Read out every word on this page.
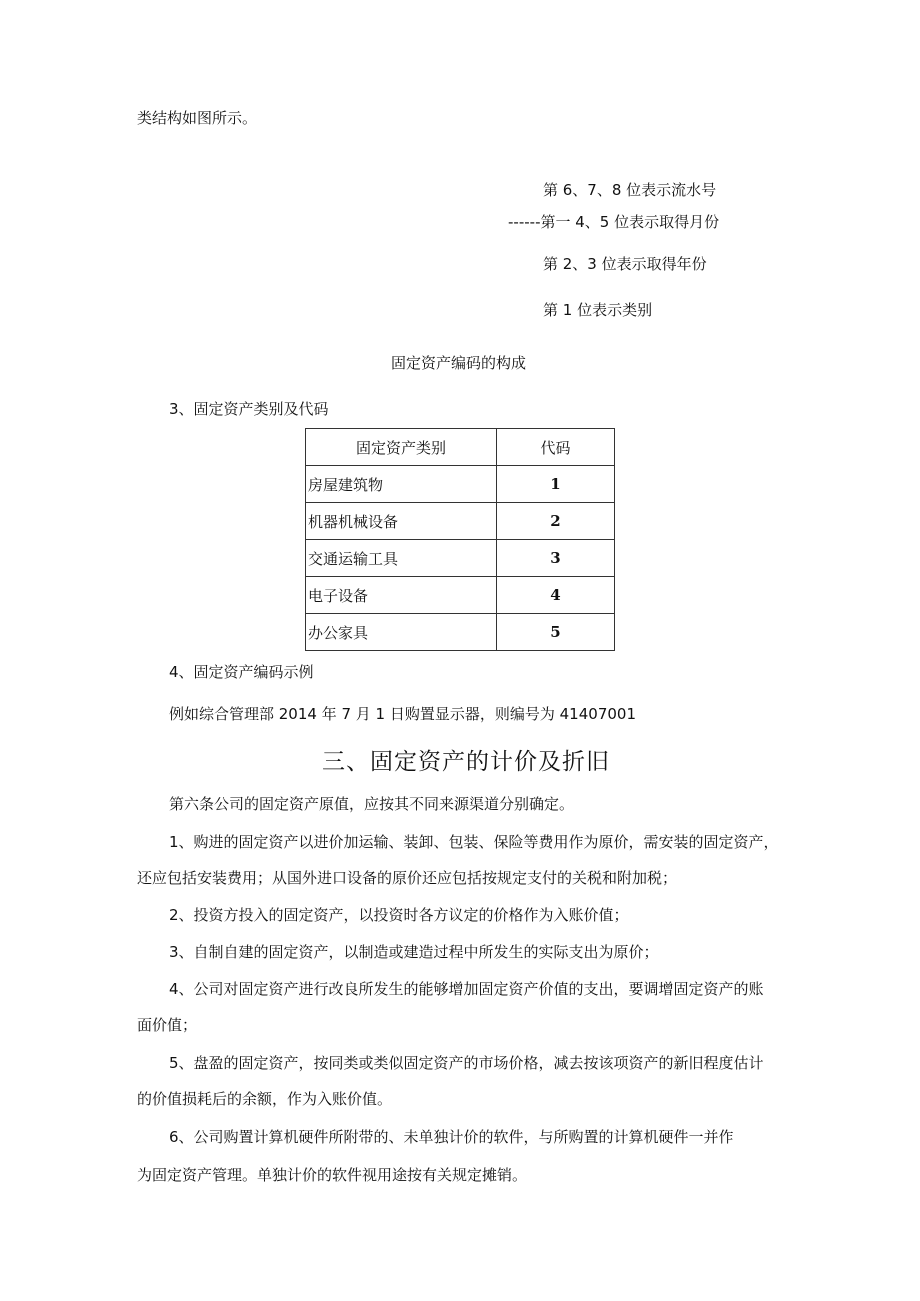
类结构如图所示。
第 6、7、8 位表示流水号
------第一 4、5 位表示取得月份
第 2、3 位表示取得年份
第 1 位表示类别
固定资产编码的构成
3、固定资产类别及代码
固定资产类别	代码
房屋建筑物	1
机器机械设备	2
交通运输工具	3
电子设备	4
办公家具	5
4、固定资产编码示例
例如综合管理部 2014 年 7 月 1 日购置显示器，则编号为 41407001
三、固定资产的计价及折旧
第六条公司的固定资产原值，应按其不同来源渠道分别确定。
1、购进的固定资产以进价加运输、装卸、包装、保险等费用作为原价，需安装的固定资产，
还应包括安装费用；从国外进口设备的原价还应包括按规定支付的关税和附加税；
2、投资方投入的固定资产，以投资时各方议定的价格作为入账价值；
3、自制自建的固定资产，以制造或建造过程中所发生的实际支出为原价；
4、公司对固定资产进行改良所发生的能够增加固定资产价值的支出，要调增固定资产的账
面价值；
5、盘盈的固定资产，按同类或类似固定资产的市场价格，减去按该项资产的新旧程度估计
的价值损耗后的余额，作为入账价值。
6、公司购置计算机硬件所附带的、未单独计价的软件，与所购置的计算机硬件一并作
为固定资产管理。单独计价的软件视用途按有关规定摊销。
